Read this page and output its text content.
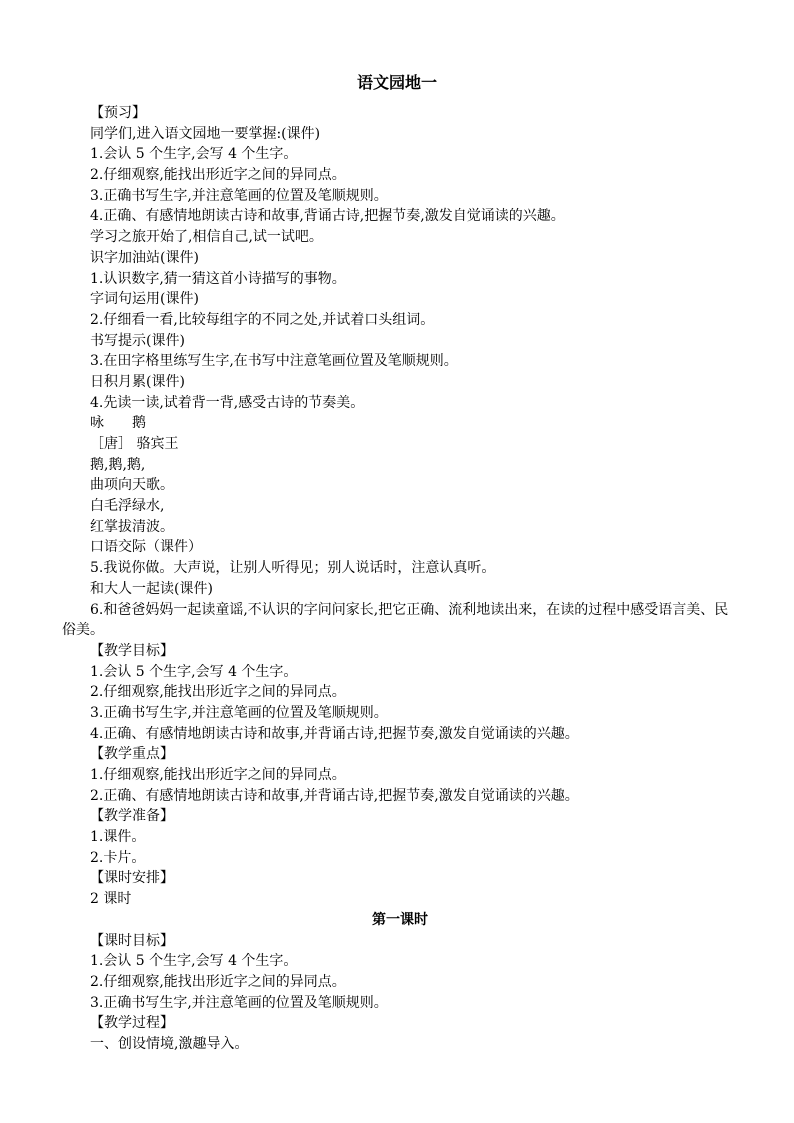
语文园地一
【预习】
同学们,进入语文园地一要掌握:(课件)
1.会认 5 个生字,会写 4 个生字。
2.仔细观察,能找出形近字之间的异同点。
3.正确书写生字,并注意笔画的位置及笔顺规则。
4.正确、有感情地朗读古诗和故事,背诵古诗,把握节奏,激发自觉诵读的兴趣。
学习之旅开始了,相信自己,试一试吧。
识字加油站(课件)
1.认识数字,猜一猜这首小诗描写的事物。
字词句运用(课件)
2.仔细看一看,比较每组字的不同之处,并试着口头组词。
书写提示(课件)
3.在田字格里练写生字,在书写中注意笔画位置及笔顺规则。
日积月累(课件)
4.先读一读,试着背一背,感受古诗的节奏美。
咏　　鹅
［唐］ 骆宾王
鹅,鹅,鹅,
曲项向天歌。
白毛浮绿水,
红掌拔清波。
口语交际（课件）
5.我说你做。大声说，让别人听得见；别人说话时，注意认真听。
和大人一起读(课件)
6.和爸爸妈妈一起读童谣,不认识的字问问家长,把它正确、流利地读出来，在读的过程中感受语言美、民俗美。
【教学目标】
1.会认 5 个生字,会写 4 个生字。
2.仔细观察,能找出形近字之间的异同点。
3.正确书写生字,并注意笔画的位置及笔顺规则。
4.正确、有感情地朗读古诗和故事,并背诵古诗,把握节奏,激发自觉诵读的兴趣。
【教学重点】
1.仔细观察,能找出形近字之间的异同点。
2.正确、有感情地朗读古诗和故事,并背诵古诗,把握节奏,激发自觉诵读的兴趣。
【教学准备】
1.课件。
2.卡片。
【课时安排】
2 课时
第一课时
【课时目标】
1.会认 5 个生字,会写 4 个生字。
2.仔细观察,能找出形近字之间的异同点。
3.正确书写生字,并注意笔画的位置及笔顺规则。
【教学过程】
一、创设情境,激趣导入。
